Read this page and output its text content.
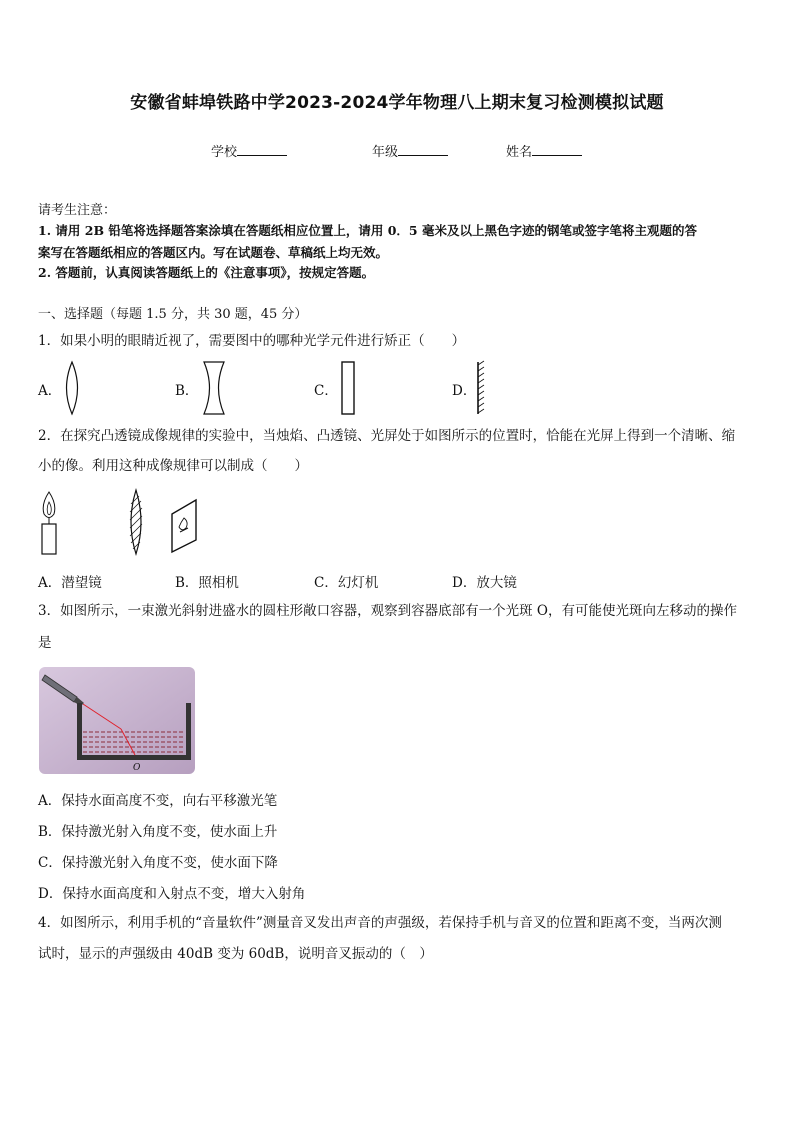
安徽省蚌埠铁路中学2023-2024学年物理八上期末复习检测模拟试题
学校	年级	姓名
请考生注意：
1. 请用 2B 铅笔将选择题答案涂填在答题纸相应位置上，请用 0．5 毫米及以上黑色字迹的钢笔或签字笔将主观题的答
案写在答题纸相应的答题区内。写在试题卷、草稿纸上均无效。
2. 答题前，认真阅读答题纸上的《注意事项》，按规定答题。
一、选择题（每题 1.5 分，共 30 题，45 分）
1．如果小明的眼睛近视了，需要图中的哪种光学元件进行矫正（　　）
A．	B．	C．	D．
2．在探究凸透镜成像规律的实验中，当烛焰、凸透镜、光屏处于如图所示的位置时，恰能在光屏上得到一个清晰、缩
小的像。利用这种成像规律可以制成（　　）
A．潜望镜	B．照相机	C．幻灯机	D．放大镜
3．如图所示，一束激光斜射进盛水的圆柱形敞口容器，观察到容器底部有一个光斑 O，有可能使光斑向左移动的操作
是
O
A．保持水面高度不变，向右平移激光笔
B．保持激光射入角度不变，使水面上升
C．保持激光射入角度不变，使水面下降
D．保持水面高度和入射点不变，增大入射角
4．如图所示，利用手机的“音量软件”测量音叉发出声音的声强级，若保持手机与音叉的位置和距离不变，当两次测
试时，显示的声强级由 40dB 变为 60dB，说明音叉振动的（　）
